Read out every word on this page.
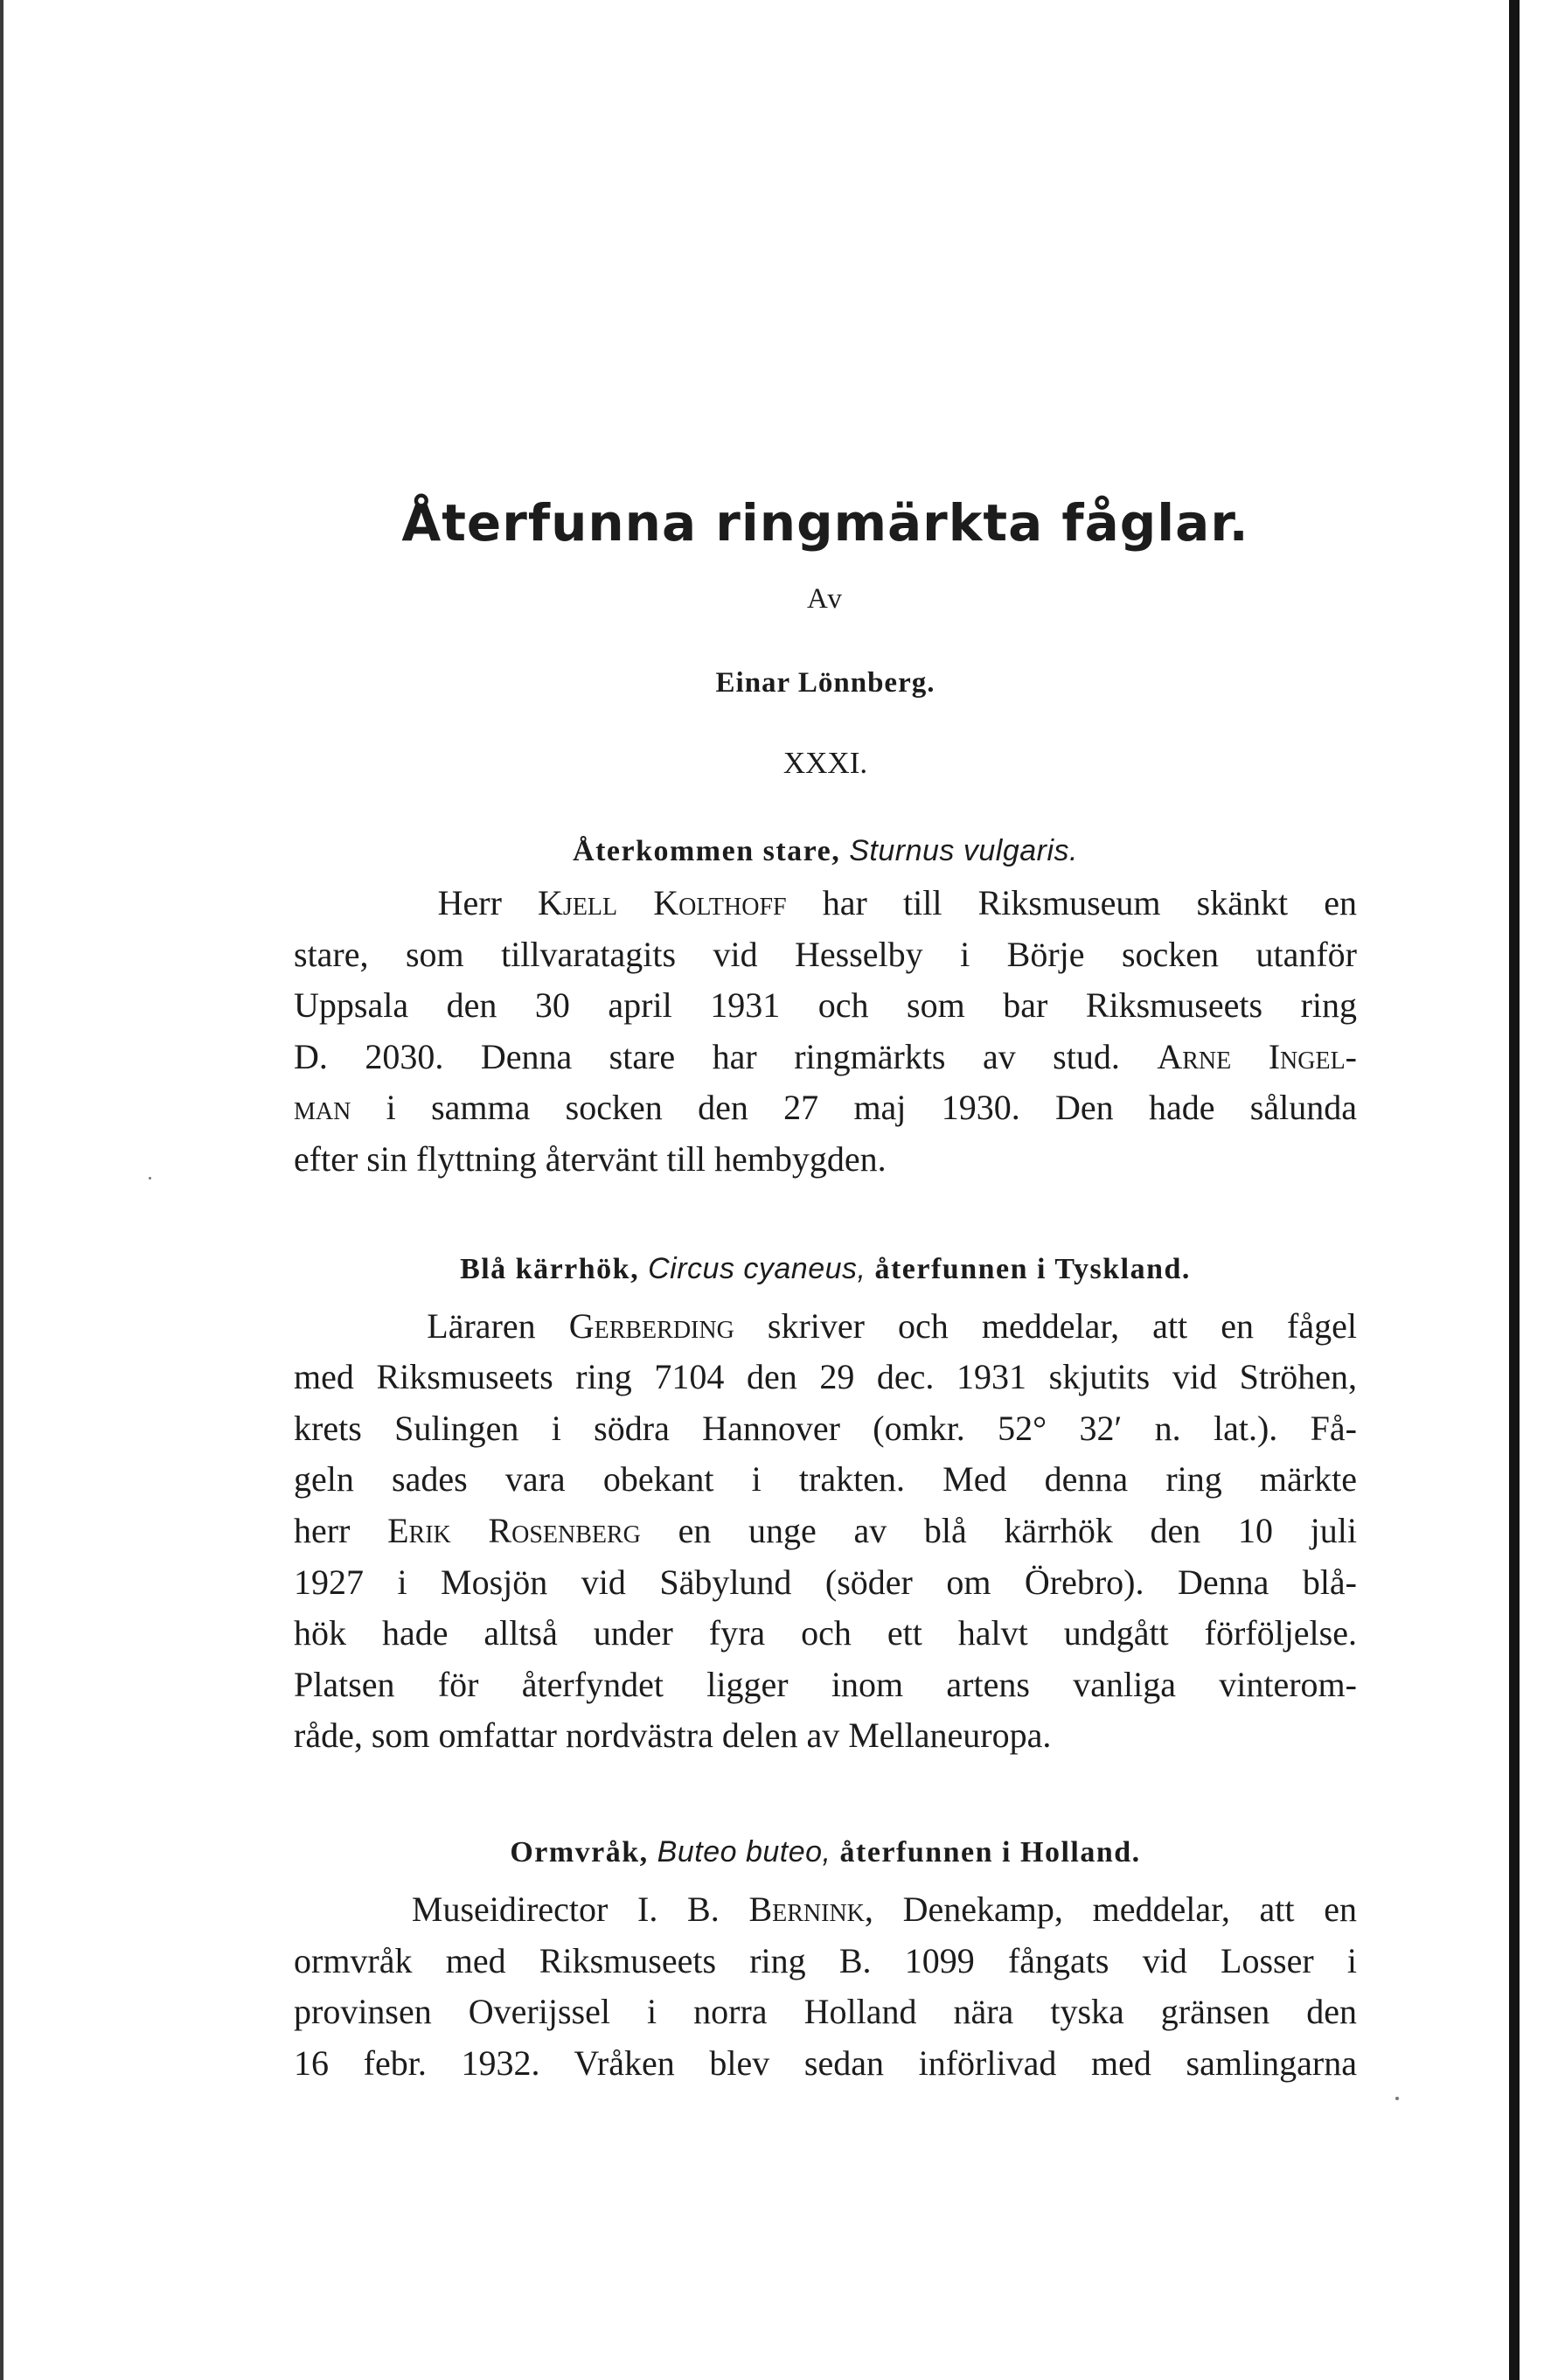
Återfunna ringmärkta fåglar.
Av
Einar Lönnberg.
XXXI.
Återkommen stare, Sturnus vulgaris.

Herr Kjell Kolthoff har till Riksmuseum skänkt en
stare, som tillvaratagits vid Hesselby i Börje socken utanför
Uppsala den 30 april 1931 och som bar Riksmuseets ring
D. 2030. Denna stare har ringmärkts av stud. Arne Ingel-
man i samma socken den 27 maj 1930. Den hade sålunda
efter sin flyttning återvänt till hembygden.

Blå kärrhök, Circus cyaneus, återfunnen i Tyskland.

Läraren Gerberding skriver och meddelar, att en fågel
med Riksmuseets ring 7104 den 29 dec. 1931 skjutits vid Ströhen,
krets Sulingen i södra Hannover (omkr. 52° 32′ n. lat.). Få-
geln sades vara obekant i trakten. Med denna ring märkte
herr Erik Rosenberg en unge av blå kärrhök den 10 juli
1927 i Mosjön vid Säbylund (söder om Örebro). Denna blå-
hök hade alltså under fyra och ett halvt undgått förföljelse.
Platsen för återfyndet ligger inom artens vanliga vinterom-
råde, som omfattar nordvästra delen av Mellaneuropa.

Ormvråk, Buteo buteo, återfunnen i Holland.

Museidirector I. B. Bernink, Denekamp, meddelar, att en
ormvråk med Riksmuseets ring B. 1099 fångats vid Losser i
provinsen Overijssel i norra Holland nära tyska gränsen den
16 febr. 1932. Vråken blev sedan införlivad med samlingarna
